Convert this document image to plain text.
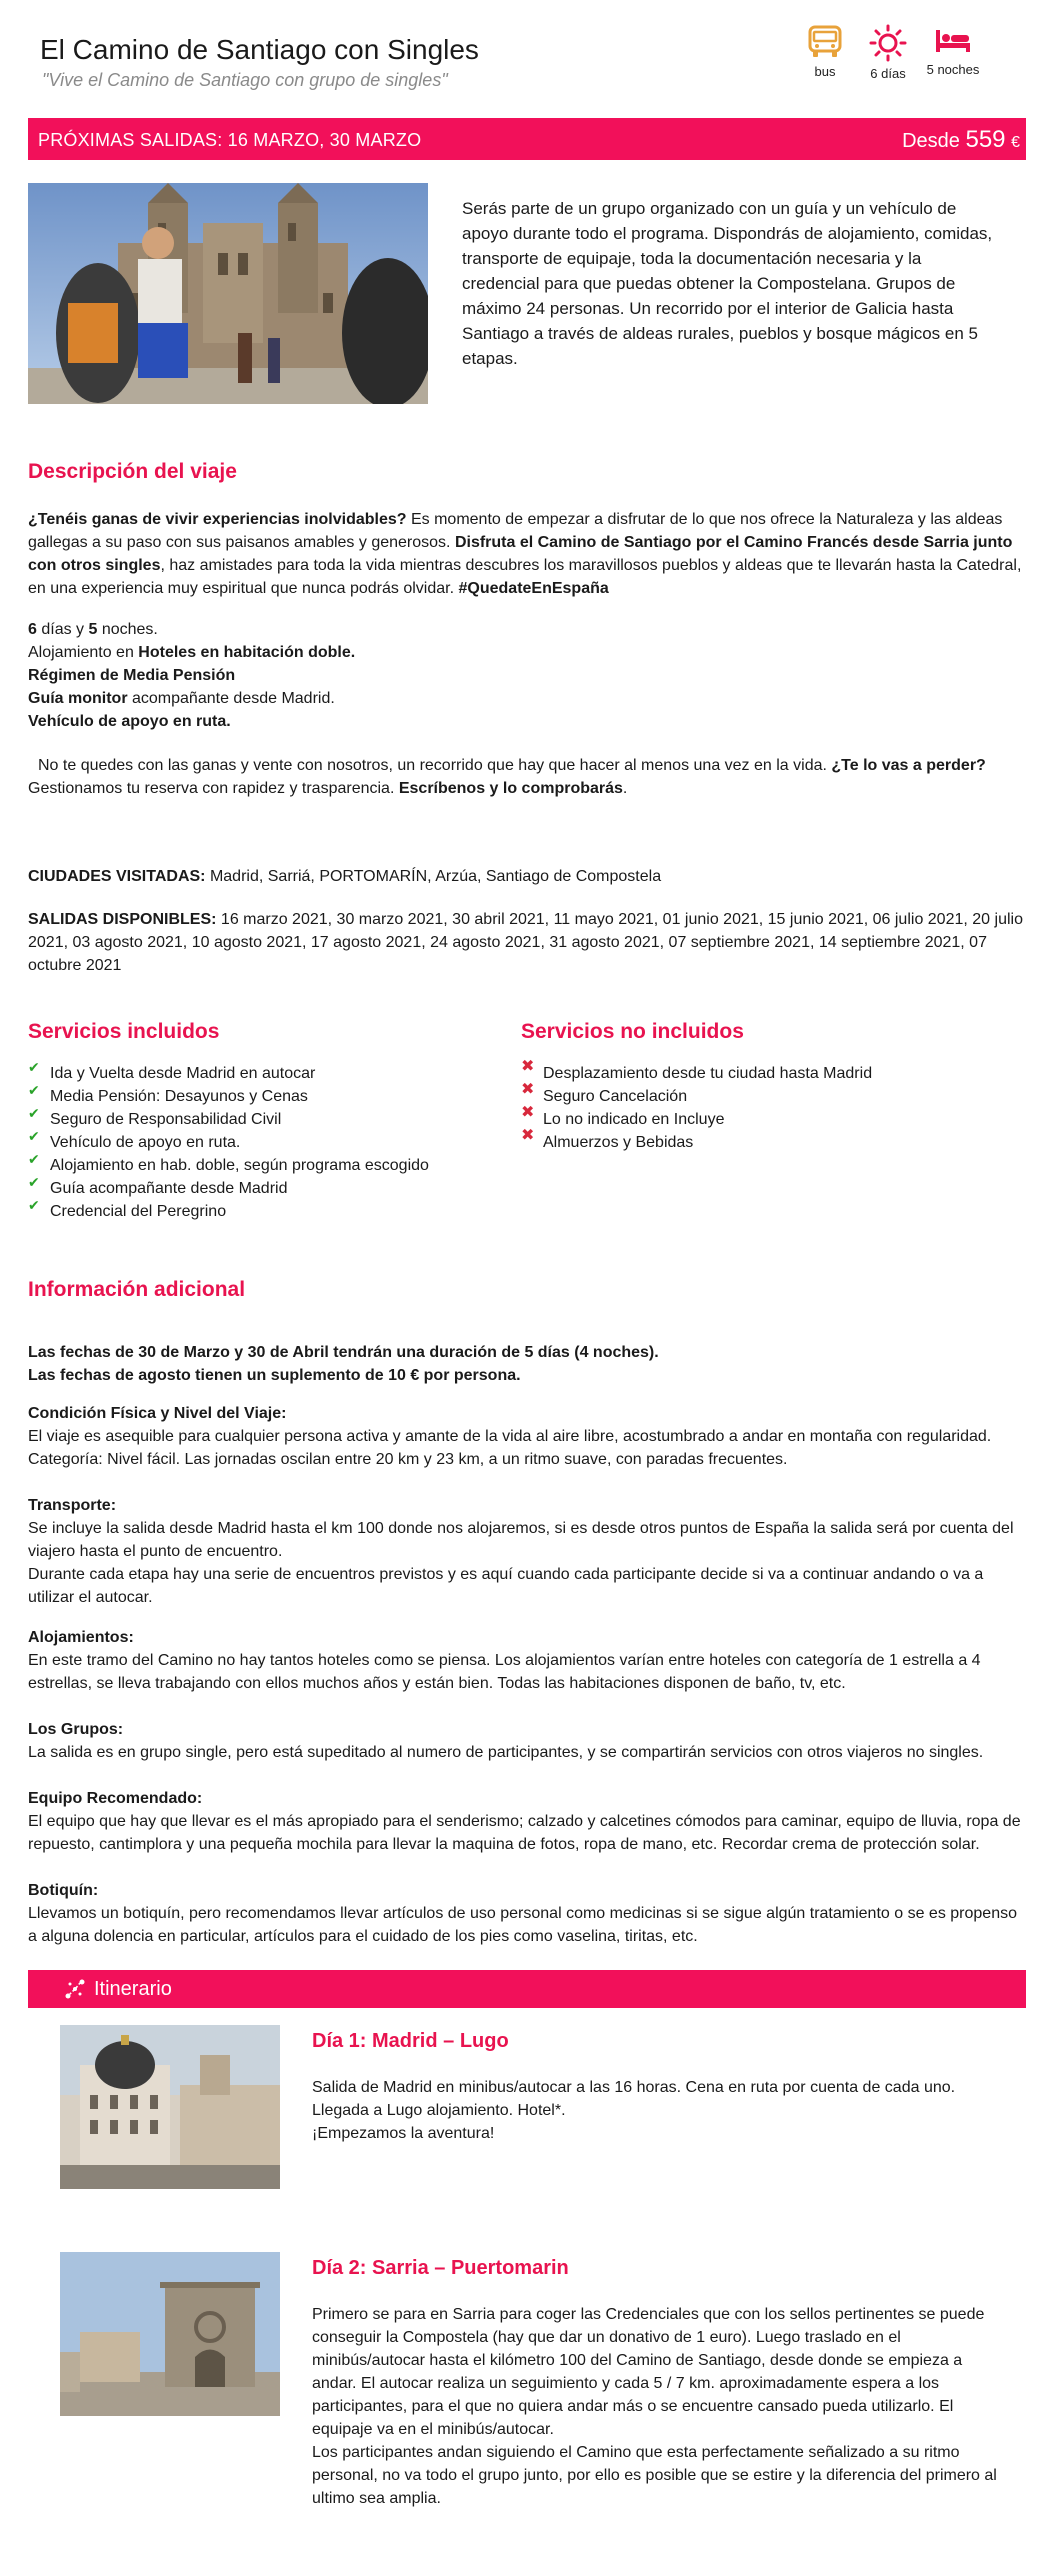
El Camino de Santiago con Singles
"Vive el Camino de Santiago con grupo de singles"	bus	6 días	5 noches
PRÓXIMAS SALIDAS: 16 MARZO, 30 MARZO	Desde 559 €
Serás parte de un grupo organizado con un guía y un vehículo de apoyo durante todo el programa. Dispondrás de alojamiento, comidas, transporte de equipaje, toda la documentación necesaria y la credencial para que puedas obtener la Compostelana. Grupos de máximo 24 personas. Un recorrido por el interior de Galicia hasta Santiago a través de aldeas rurales, pueblos y bosque mágicos en 5 etapas.
Descripción del viaje

¿Tenéis ganas de vivir experiencias inolvidables? Es momento de empezar a disfrutar de lo que nos ofrece la Naturaleza y las aldeas gallegas a su paso con sus paisanos amables y generosos. Disfruta el Camino de Santiago por el Camino Francés desde Sarria junto con otros singles, haz amistades para toda la vida mientras descubres los maravillosos pueblos y aldeas que te llevarán hasta la Catedral, en una experiencia muy espiritual que nunca podrás olvidar. #QuedateEnEspaña

6 días y 5 noches.

Alojamiento en Hoteles en habitación doble.

Régimen de Media Pensión

Guía monitor acompañante desde Madrid.

Vehículo de apoyo en ruta.

No te quedes con las ganas y vente con nosotros, un recorrido que hay que hacer al menos una vez en la vida. ¿Te lo vas a perder? Gestionamos tu reserva con rapidez y trasparencia. Escríbenos y lo comprobarás.

CIUDADES VISITADAS: Madrid, Sarriá, PORTOMARÍN, Arzúa, Santiago de Compostela

SALIDAS DISPONIBLES: 16 marzo 2021, 30 marzo 2021, 30 abril 2021, 11 mayo 2021, 01 junio 2021, 15 junio 2021, 06 julio 2021, 20 julio 2021, 03 agosto 2021, 10 agosto 2021, 17 agosto 2021, 24 agosto 2021, 31 agosto 2021, 07 septiembre 2021, 14 septiembre 2021, 07 octubre 2021

Servicios incluidos	Servicios no incluidos
✔ Ida y Vuelta desde Madrid en autocar
✔ Media Pensión: Desayunos y Cenas
✔ Seguro de Responsabilidad Civil
✔ Vehículo de apoyo en ruta.
✔ Alojamiento en hab. doble, según programa escogido
✔ Guía acompañante desde Madrid
✔ Credencial del Peregrino
✖ Desplazamiento desde tu ciudad hasta Madrid
✖ Seguro Cancelación
✖ Lo no indicado en Incluye
✖ Almuerzos y Bebidas
Información adicional

Las fechas de 30 de Marzo y 30 de Abril tendrán una duración de 5 días (4 noches).

Las fechas de agosto tienen un suplemento de 10 € por persona.

Condición Física y Nivel del Viaje:

El viaje es asequible para cualquier persona activa y amante de la vida al aire libre, acostumbrado a andar en montaña con regularidad.

Categoría: Nivel fácil. Las jornadas oscilan entre 20 km y 23 km, a un ritmo suave, con paradas frecuentes.

Transporte:

Se incluye la salida desde Madrid hasta el km 100 donde nos alojaremos, si es desde otros puntos de España la salida será por cuenta del viajero hasta el punto de encuentro.

Durante cada etapa hay una serie de encuentros previstos y es aquí cuando cada participante decide si va a continuar andando o va a utilizar el autocar.

Alojamientos:

En este tramo del Camino no hay tantos hoteles como se piensa. Los alojamientos varían entre hoteles con categoría de 1 estrella a 4 estrellas, se lleva trabajando con ellos muchos años y están bien. Todas las habitaciones disponen de baño, tv, etc.

Los Grupos:

La salida es en grupo single, pero está supeditado al numero de participantes, y se compartirán servicios con otros viajeros no singles.

Equipo Recomendado:

El equipo que hay que llevar es el más apropiado para el senderismo; calzado y calcetines cómodos para caminar, equipo de lluvia, ropa de repuesto, cantimplora y una pequeña mochila para llevar la maquina de fotos, ropa de mano, etc. Recordar crema de protección solar.

Botiquín:

Llevamos un botiquín, pero recomendamos llevar artículos de uso personal como medicinas si se sigue algún tratamiento o se es propenso a alguna dolencia en particular, artículos para el cuidado de los pies como vaselina, tiritas, etc.

Itinerario
Día 1: Madrid – Lugo

Salida de Madrid en minibus/autocar a las 16 horas. Cena en ruta por cuenta de cada uno.

Llegada a Lugo alojamiento. Hotel*.

¡Empezamos la aventura!

Día 2: Sarria – Puertomarin

Primero se para en Sarria para coger las Credenciales que con los sellos pertinentes se puede conseguir la Compostela (hay que dar un donativo de 1 euro). Luego traslado en el minibús/autocar hasta el kilómetro 100 del Camino de Santiago, desde donde se empieza a andar. El autocar realiza un seguimiento y cada 5 / 7 km. aproximadamente espera a los participantes, para el que no quiera andar más o se encuentre cansado pueda utilizarlo. El equipaje va en el minibús/autocar.

Los participantes andan siguiendo el Camino que esta perfectamente señalizado a su ritmo personal, no va todo el grupo junto, por ello es posible que se estire y la diferencia del primero al ultimo sea amplia.
